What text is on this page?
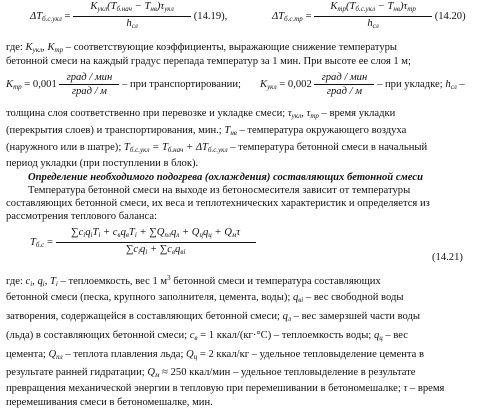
$\Delta T_{б.с.укл} = \frac{K_{укл}(T_{б.нач} - T_{нв})\tau_{укл}}{h_{сл}} (14.19)$,	$\Delta T_{б.с.тр} = \frac{K_{тр}(T_{б.с.укл} - T_{нв})\tau_{тр}}{h_{сл}} (14.20)$
где: $K_{укл}$, $K_{тр}$ – соответствующие коэффициенты, выражающие снижение температуры
бетонной смеси на каждый градус перепада температур за 1 мин. При высоте ее слоя 1 м;
$K_{тр} = 0,001 \frac{\text{град / мин}}{\text{град / м}}$ – при транспортировании; $K_{укл} = 0,002 \frac{\text{град / мин}}{\text{град / м}}$ – при укладке; $h_{сл}$ –
толщина слоя соответственно при перевозке и укладке смеси; $\tau_{укл}$, $\tau_{тр}$ – время укладки
(перекрытия слоев) и транспортирования, мин.; $T_{нв}$ – температура окружающего воздуха
(наружного или в шатре); $T_{б.с.укл} = T_{б.нач} + \Delta T_{б.с.укл}$ – температура бетонной смеси в начальный
период укладки (при поступлении в блок).
Определение необходимого подогрева (охлаждения) составляющих бетонной смеси
Температура бетонной смеси на выходе из бетоносмесителя зависит от температуры
составляющих бетонной смеси, их веса и теплотехнических характеристик и определяется из
рассмотрения теплового баланса:
$T_{б.с} = \frac{\sum c_iq_iT_i + c_вq_вT_i + \sum Q_{пл}q_л + Q_цq_ц + Q_м\tau}{\sum c_iq_i + \sum c_вq_{вi}}$	(14.21)
где: $c_i$, $q_i$, $T_i$ – теплоемкость, вес 1 $м^3$ бетонной смеси и температура составляющих
бетонной смеси (песка, крупного заполнителя, цемента, воды); $q_{вi}$ – вес свободной воды
затворения, содержащейся в составляющих бетонной смеси; $q_л$ – вес замерзшей части воды
(льда) в составляющих бетонной смеси; $c_в = 1$ ккал/(кг·°С) – теплоемкость воды; $q_ц$ – вес
цемента; $Q_{пл}$ – теплота плавления льда; $Q_ц = 2$ ккал/кг – удельное тепловыделение цемента в
результате ранней гидратации; $Q_м \approx 250$ ккал/мин – удельное тепловыделение в результате
превращения механической энергии в тепловую при перемешивании в бетономешалке; τ – время
перемешивания смеси в бетономешалке, мин.
